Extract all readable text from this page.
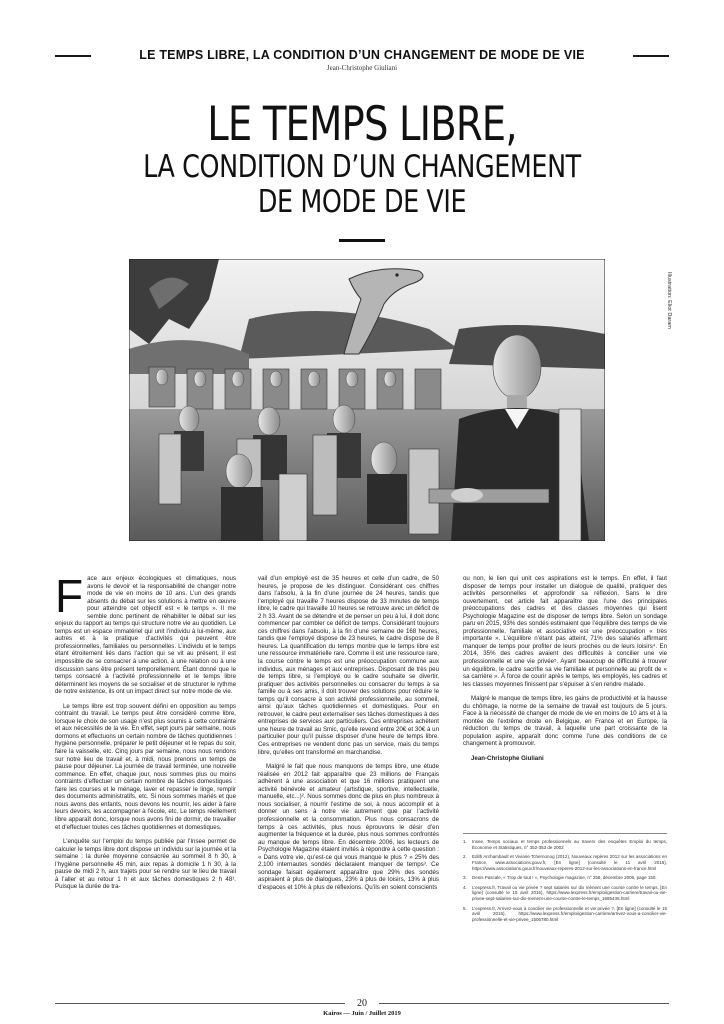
LE TEMPS LIBRE, LA CONDITION D’UN CHANGEMENT DE MODE DE VIE
Jean-Christophe Giuliani
LE TEMPS LIBRE,
LA CONDITION D’UN CHANGEMENT
DE MODE DE VIE
Illustration: Eliot Daram

Face aux enjeux écologiques et climatiques, nous avons le devoir et la responsabilité de changer notre mode de vie en moins de 10 ans. L’un des grands absents du débat sur les solutions à mettre en œuvre pour atteindre cet objectif est « le temps ». Il me semble donc pertinent de réhabiliter le débat sur les enjeux du rapport au temps qui structure notre vie au quotidien. Le temps est un espace immatériel qui unit l’individu à lui-même, aux autres et à la pratique d’activités qui peuvent être professionnelles, familiales ou personnelles. L’individu et le temps étant étroitement liés dans l’action qui se vit au présent, il est impossible de se consacrer à une action, à une relation ou à une discussion sans être présent temporellement. Étant donné que le temps consacré à l’activité professionnelle et le temps libre déterminent les moyens de se socialiser et de structurer le rythme de notre existence, ils ont un impact direct sur notre mode de vie.

Le temps libre est trop souvent défini en opposition au temps contraint du travail. Le temps peut être considéré comme libre, lorsque le choix de son usage n’est plus soumis à cette contrainte et aux nécessités de la vie. En effet, sept jours par semaine, nous dormons et effectuons un certain nombre de tâches quotidiennes : hygiène personnelle, préparer le petit déjeuner et le repas du soir, faire la vaisselle, etc. Cinq jours par semaine, nous nous rendons sur notre lieu de travail et, à midi, nous prenons un temps de pause pour déjeuner. La journée de travail terminée, une nouvelle commence. En effet, chaque jour, nous sommes plus ou moins contraints d’effectuer un certain nombre de tâches domestiques : faire les courses et le ménage, laver et repasser le linge, remplir des documents administratifs, etc. Si nous sommes mariés et que nous avons des enfants, nous devons les nourrir, les aider à faire leurs devoirs, les accompagner à l’école, etc. Le temps réellement libre apparaît donc, lorsque nous avons fini de dormir, de travailler et d’effectuer toutes ces tâches quotidiennes et domestiques.

L’enquête sur l’emploi du temps publiée par l’Insee permet de calculer le temps libre dont dispose un individu sur la journée et la semaine : la durée moyenne consacrée au sommeil 8 h 30, à l’hygiène personnelle 45 min, aux repas à domicile 1 h 30, à la pause de midi 2 h, aux trajets pour se rendre sur le lieu de travail à l’aller et au retour 1 h et aux tâches domestiques 2 h 48¹. Puisque la durée de tra-

vail d’un employé est de 35 heures et celle d’un cadre, de 50 heures, je propose de les distinguer. Considérant ces chiffres dans l’absolu, à la fin d’une journée de 24 heures, tandis que l’employé qui travaille 7 heures dispose de 33 minutes de temps libre, le cadre qui travaille 10 heures se retrouve avec un déficit de 2 h 33. Avant de se détendre et de penser un peu à lui, il doit donc commencer par combler ce déficit de temps. Considérant toujours ces chiffres dans l’absolu, à la fin d’une semaine de 168 heures, tandis que l’employé dispose de 23 heures, le cadre dispose de 8 heures. La quantification du temps montre que le temps libre est une ressource immatérielle rare. Comme il est une ressource rare, la course contre le temps est une préoccupation commune aux individus, aux ménages et aux entreprises. Disposant de très peu de temps libre, si l’employé ou le cadre souhaite se divertir, pratiquer des activités personnelles ou consacrer du temps à sa famille ou à ses amis, il doit trouver des solutions pour réduire le temps qu’il consacre à son activité professionnelle, au sommeil, ainsi qu’aux tâches quotidiennes et domestiques. Pour en retrouver, le cadre peut externaliser ses tâches domestiques à des entreprises de services aux particuliers. Ces entreprises achètent une heure de travail au Smic, qu’elle revend entre 20€ et 30€ à un particulier pour qu’il puisse disposer d’une heure de temps libre. Ces entreprises ne vendent donc pas un service, mais du temps libre, qu’elles ont transformé en marchandise.

Malgré le fait que nous manquons de temps libre, une étude réalisée en 2012 fait apparaître que 23 millions de Français adhèrent à une association et que 16 millions pratiquent une activité bénévole et amateur (artistique, sportive, intellectuelle, manuelle, etc...)². Nous sommes donc de plus en plus nombreux à nous socialiser, à nourrir l’estime de soi, à nous accomplir et à donner un sens à notre vie autrement que par l’activité professionnelle et la consommation. Plus nous consacrons de temps à ces activités, plus nous éprouvons le désir d’en augmenter la fréquence et la durée, plus nous sommes confrontés au manque de temps libre. En décembre 2006, les lecteurs de Psychologie Magazine étaient invités à répondre à cette question : « Dans votre vie, qu’est-ce qui vous manque le plus ? » 25% des 2.100 internautes sondés déclaraient manquer de temps³. Ce sondage faisait également apparaître que 29% des sondés aspiraient à plus de dialogues, 23% à plus de loisirs, 13% à plus d’espaces et 10% à plus de réflexions. Qu’ils en soient conscients

ou non, le lien qui unit ces aspirations est le temps. En effet, il faut disposer de temps pour installer un dialogue de qualité, pratiquer des activités personnelles et approfondir sa réflexion. Sans le dire ouvertement, cet article fait apparaître que l’une des principales préoccupations des cadres et des classes moyennes qui lisent Psychologie Magazine est de disposer de temps libre. Selon un sondage paru en 2015, 93% des sondés estimaient que l’équilibre des temps de vie professionnelle, familiale et associative est une préoccupation « très importante ». L’équilibre n’étant pas atteint, 71% des salariés affirmant manquer de temps pour profiter de leurs proches ou de leurs loisirs⁴. En 2014, 35% des cadres avaient des difficultés à concilier une vie professionnelle et une vie privée⁵. Ayant beaucoup de difficulté à trouver un équilibre, le cadre sacrifie sa vie familiale et personnelle au profit de « sa carrière ». À force de courir après le temps, les employés, les cadres et les classes moyennes finissent par s’épuiser à s’en rendre malade.

Malgré le manque de temps libre, les gains de productivité et la hausse du chômage, la norme de la semaine de travail est toujours de 5 jours. Face à la nécessité de changer de mode de vie en moins de 10 ans et à la montée de l’extrême droite en Belgique, en France et en Europe, la réduction du temps de travail, à laquelle une part croissante de la population aspire, apparaît donc comme l’une des conditions de ce changement à promouvoir.

Jean-Christophe Giuliani
1.	Insee, Temps sociaux et temps professionnels au travers des enquêtes Emploi du temps, Économie et Statistiques, n° 352-353 de 2002
2.	Edith Archambault et Viviane Tchernonog (2012), Nouveaux repères 2012 sur les associations en France, www.associations.gouv.fr, [En ligne] (consulté le 11 avril 2016), https://www.associations.gouv.fr/nouveaux-reperes-2012-sur-les-associations-en-france.html
3.	Denis Pascale, « Trop de tout ! », Psychologie magazine, n° 258, décembre 2006, page 150.
4.	L’express.fr, Travail ou vie privée ? sept salariés sur dix mènent une course contre le temps, [En ligne] (consulté le 15 avril 2016), https://www.lexpress.fr/emploi/gestion-carriere/travail-ou-vie-privee-sept-salaries-sur-dix-menent-une-course-contre-le-temps_1685435.html
5.	L’express.fr, Arrivez-vous à concilier vie professionnelle et vie privée ?, [En ligne] (consulté le 15 avril 2016), https://www.lexpress.fr/emploi/gestion-carriere/arrivez-vous-a-concilier-vie-professionnelle-et-vie-privee_1506780.html
20
Kairos — Juin / Juillet 2019
